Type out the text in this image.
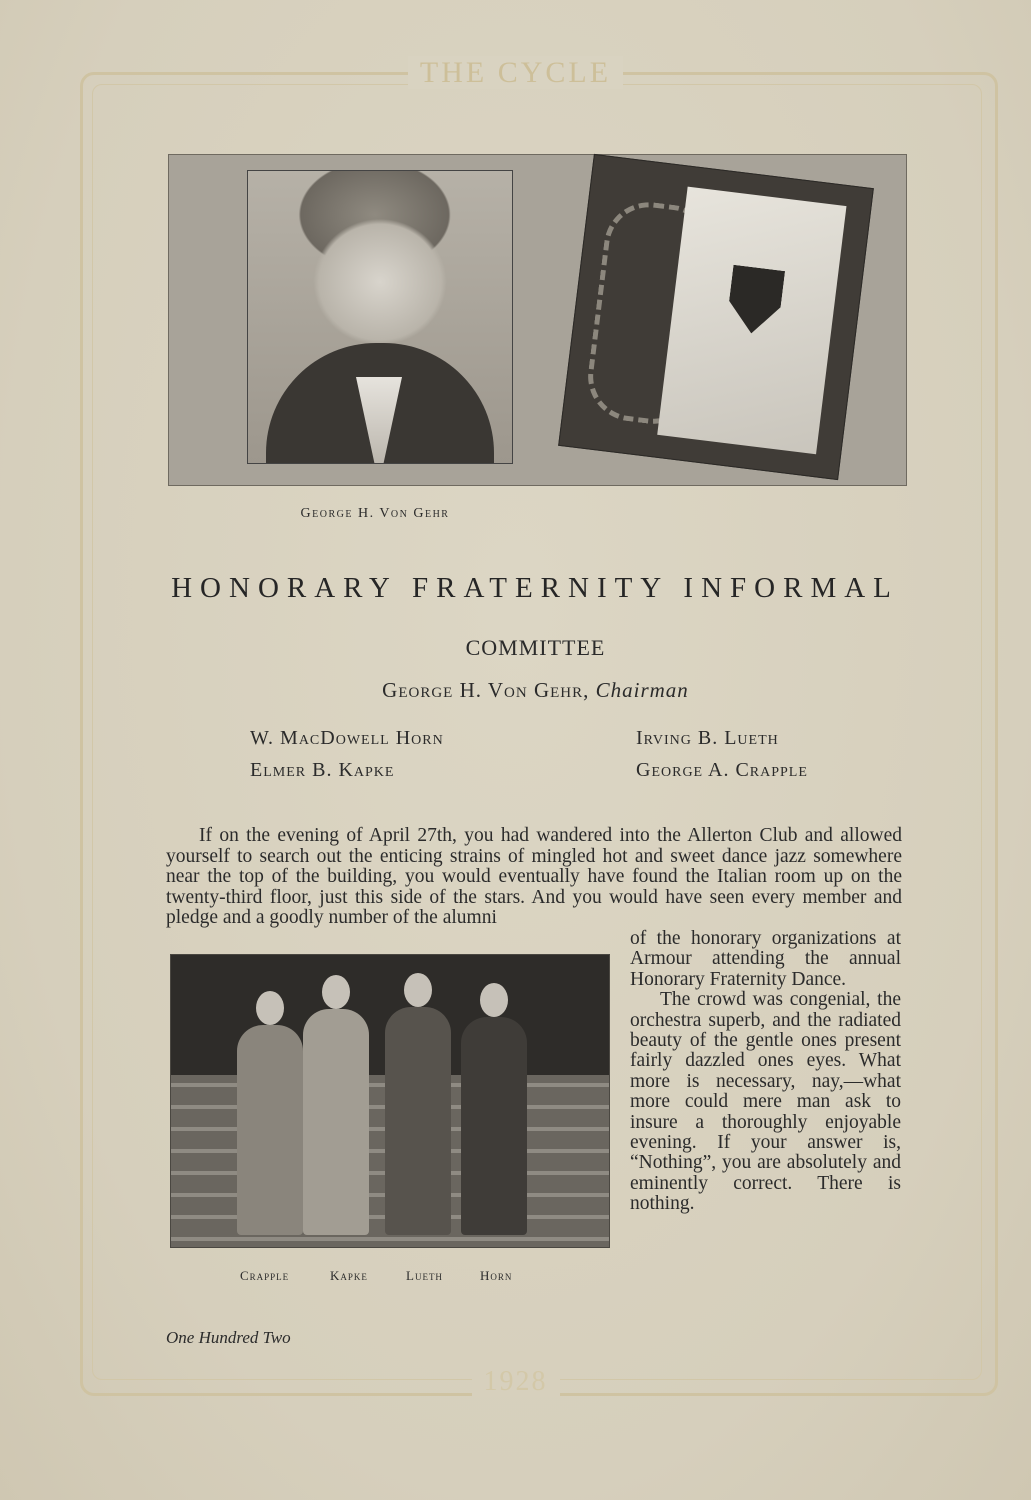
THE CYCLE
1928
George H. Von Gehr
HONORARY FRATERNITY INFORMAL
COMMITTEE
George H. Von Gehr, Chairman
W. MacDowell Horn	Irving B. Lueth
Elmer B. Kapke	George A. Crapple
If on the evening of April 27th, you had wandered into the Allerton Club and allowed yourself to search out the enticing strains of mingled hot and sweet dance jazz somewhere near the top of the building, you would eventually have found the Italian room up on the twenty-third floor, just this side of the stars. And you would have seen every member and pledge and a goodly number of the alumni

of the honorary organizations at Armour attending the annual Honorary Fraternity Dance.

The crowd was congenial, the orchestra superb, and the radiated beauty of the gentle ones present fairly dazzled ones eyes. What more is necessary, nay,—what more could mere man ask to insure a thoroughly enjoyable evening. If your answer is, “Nothing”, you are absolutely and eminently correct. There is nothing.

Crapple	Kapke	Lueth	Horn
One Hundred Two
